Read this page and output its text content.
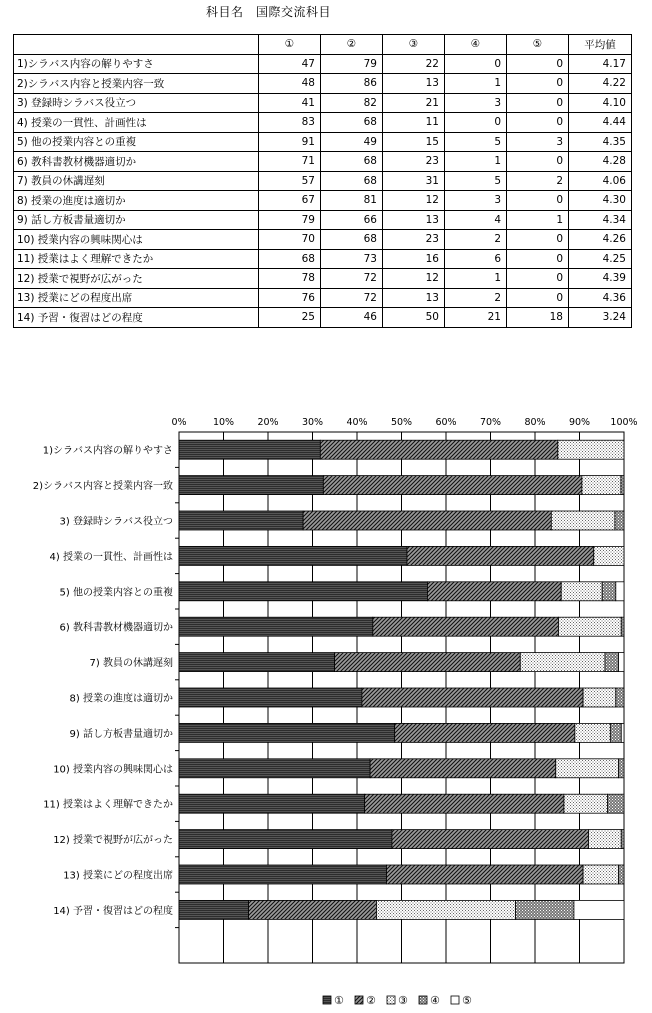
科目名　 国際交流科目
	①	②	③	④	⑤	平均値
1)シラバス内容の解りやすさ	47	79	22	0	0	4.17
2)シラバス内容と授業内容一致	48	86	13	1	0	4.22
3) 登録時シラバス役立つ	41	82	21	3	0	4.10
4) 授業の一貫性、計画性は	83	68	11	0	0	4.44
5) 他の授業内容との重複	91	49	15	5	3	4.35
6) 教科書教材機器適切か	71	68	23	1	0	4.28
7) 教員の休講遅刻	57	68	31	5	2	4.06
8) 授業の進度は適切か	67	81	12	3	0	4.30
9) 話し方板書量適切か	79	66	13	4	1	4.34
10) 授業内容の興味関心は	70	68	23	2	0	4.26
11) 授業はよく理解できたか	68	73	16	6	0	4.25
12) 授業で視野が広がった	78	72	12	1	0	4.39
13) 授業にどの程度出席	76	72	13	2	0	4.36
14) 予習・復習はどの程度	25	46	50	21	18	3.24
0%	10% 20% 30% 40% 50% 60% 70% 80% 90% 100%
1)シラバス内容の解りやすさ
2)シラバス内容と授業内容一致
3) 登録時シラバス役立つ
4) 授業の一貫性、計画性は
5) 他の授業内容との重複
6) 教科書教材機器適切か
7) 教員の休講遅刻
8) 授業の進度は適切か
9) 話し方板書量適切か
10) 授業内容の興味関心は
11) 授業はよく理解できたか
12) 授業で視野が広がった
13) 授業にどの程度出席
14) 予習・復習はどの程度
① ② ③ ④ ⑤
